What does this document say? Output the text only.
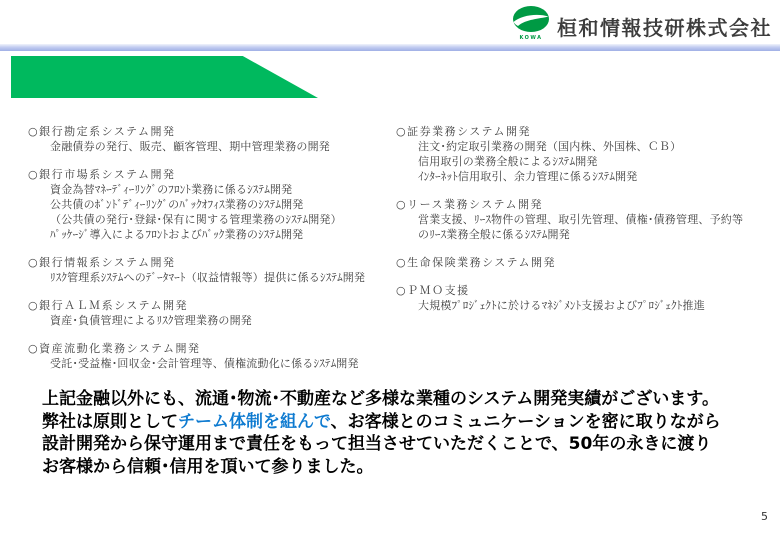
KOWA 桓和情報技研株式会社
業務実績（開発実績）
○銀行勘定系システム開発
金融債券の発行、販売、顧客管理、期中管理業務の開発
○銀行市場系システム開発
資金為替ﾏﾈｰﾃﾞｨｰﾘﾝｸﾞのﾌﾛﾝﾄ業務に係るｼｽﾃﾑ開発
公共債のﾎﾞﾝﾄﾞﾃﾞｨｰﾘﾝｸﾞのﾊﾞｯｸｵﾌｨｽ業務のｼｽﾃﾑ開発
（公共債の発行･登録･保有に関する管理業務のｼｽﾃﾑ開発）
ﾊﾟｯｹｰｼﾞ導入によるﾌﾛﾝﾄおよびﾊﾞｯｸ業務のｼｽﾃﾑ開発
○銀行情報系システム開発
ﾘｽｸ管理系ｼｽﾃﾑへのﾃﾞｰﾀﾏｰﾄ（収益情報等）提供に係るｼｽﾃﾑ開発
○銀行ＡＬＭ系システム開発
資産･負債管理によるﾘｽｸ管理業務の開発
○資産流動化業務システム開発
受託･受益権･回収金･会計管理等、債権流動化に係るｼｽﾃﾑ開発
○証券業務システム開発
注文･約定取引業務の開発（国内株、外国株、ＣＢ）
信用取引の業務全般によるｼｽﾃﾑ開発
ｲﾝﾀｰﾈｯﾄ信用取引、余力管理に係るｼｽﾃﾑ開発
○リース業務システム開発
営業支援、ﾘｰｽ物件の管理、取引先管理、債権･債務管理、予約等
のﾘｰｽ業務全般に係るｼｽﾃﾑ開発
○生命保険業務システム開発
○ＰＭＯ支援
大規模ﾌﾟﾛｼﾞｪｸﾄに於けるﾏﾈｼﾞﾒﾝﾄ支援およびﾌﾟﾛｼﾞｪｸﾄ推進

上記金融以外にも、流通･物流･不動産など多様な業種のシステム開発実績がございます。

弊社は原則としてチーム体制を組んで、お客様とのコミュニケーションを密に取りながら

設計開発から保守運用まで責任をもって担当させていただくことで、50年の永きに渡り

お客様から信頼･信用を頂いて参りました。

5
